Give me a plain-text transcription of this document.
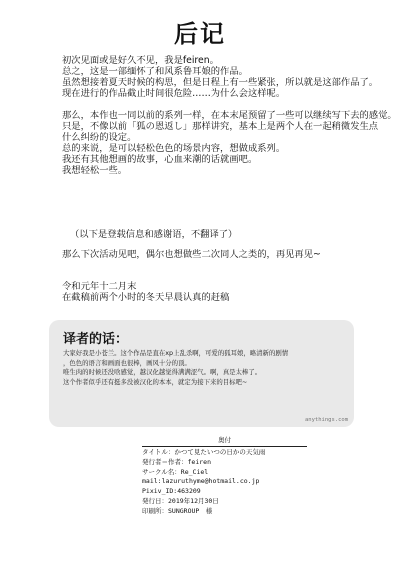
后记
初次见面或是好久不见，我是feiren。
总之，这是一部缅怀了和风系鲁耳娘的作品。
虽然想接着夏天时候的构思，但是日程上有一些紧张，所以就是这部作品了。
现在进行的作品截止时间很危险……为什么会这样呢。
那么，本作也一同以前的系列一样，在本末尾预留了一些可以继续写下去的感觉。
只是，不像以前「狐の恩返し」那样讲究，基本上是两个人在一起稍微发生点
什么纠纷的设定。
总的来说，是可以轻松色色的场景内容，想做成系列。
我还有其他想画的故事，心血来潮的话就画吧。
我想轻松一些。
（以下是登载信息和感谢语，不翻译了）
那么下次活动见吧，偶尔也想做些二次同人之类的，再见再见~
令和元年十二月末
在截稿前两个小时的冬天早晨认真的赶稿
译者的话：
大家好我是小苍兰。这个作品是直在xp上乱杀啊，可爱的狐耳娘，略清新的剧情
，色色的语言和画面也很棒，画风十分的顶。
唯生肉的时候还没啥感觉，越汉化越觉得满满涩气。啊，真是太棒了。
这个作者似乎还有挺多没被汉化的本本，就定为接下来的目标吧~
anythings.com
奥付
タイトル：かつて見たいつの日かの天気雨
発行者＝作者：feiren
サークル名：Re_Ciel
mail:lazuruthyme@hotmail.co.jp
Pixiv_ID:463209
発行日：2019年12月30日
印刷所：SUNGROUP　様
